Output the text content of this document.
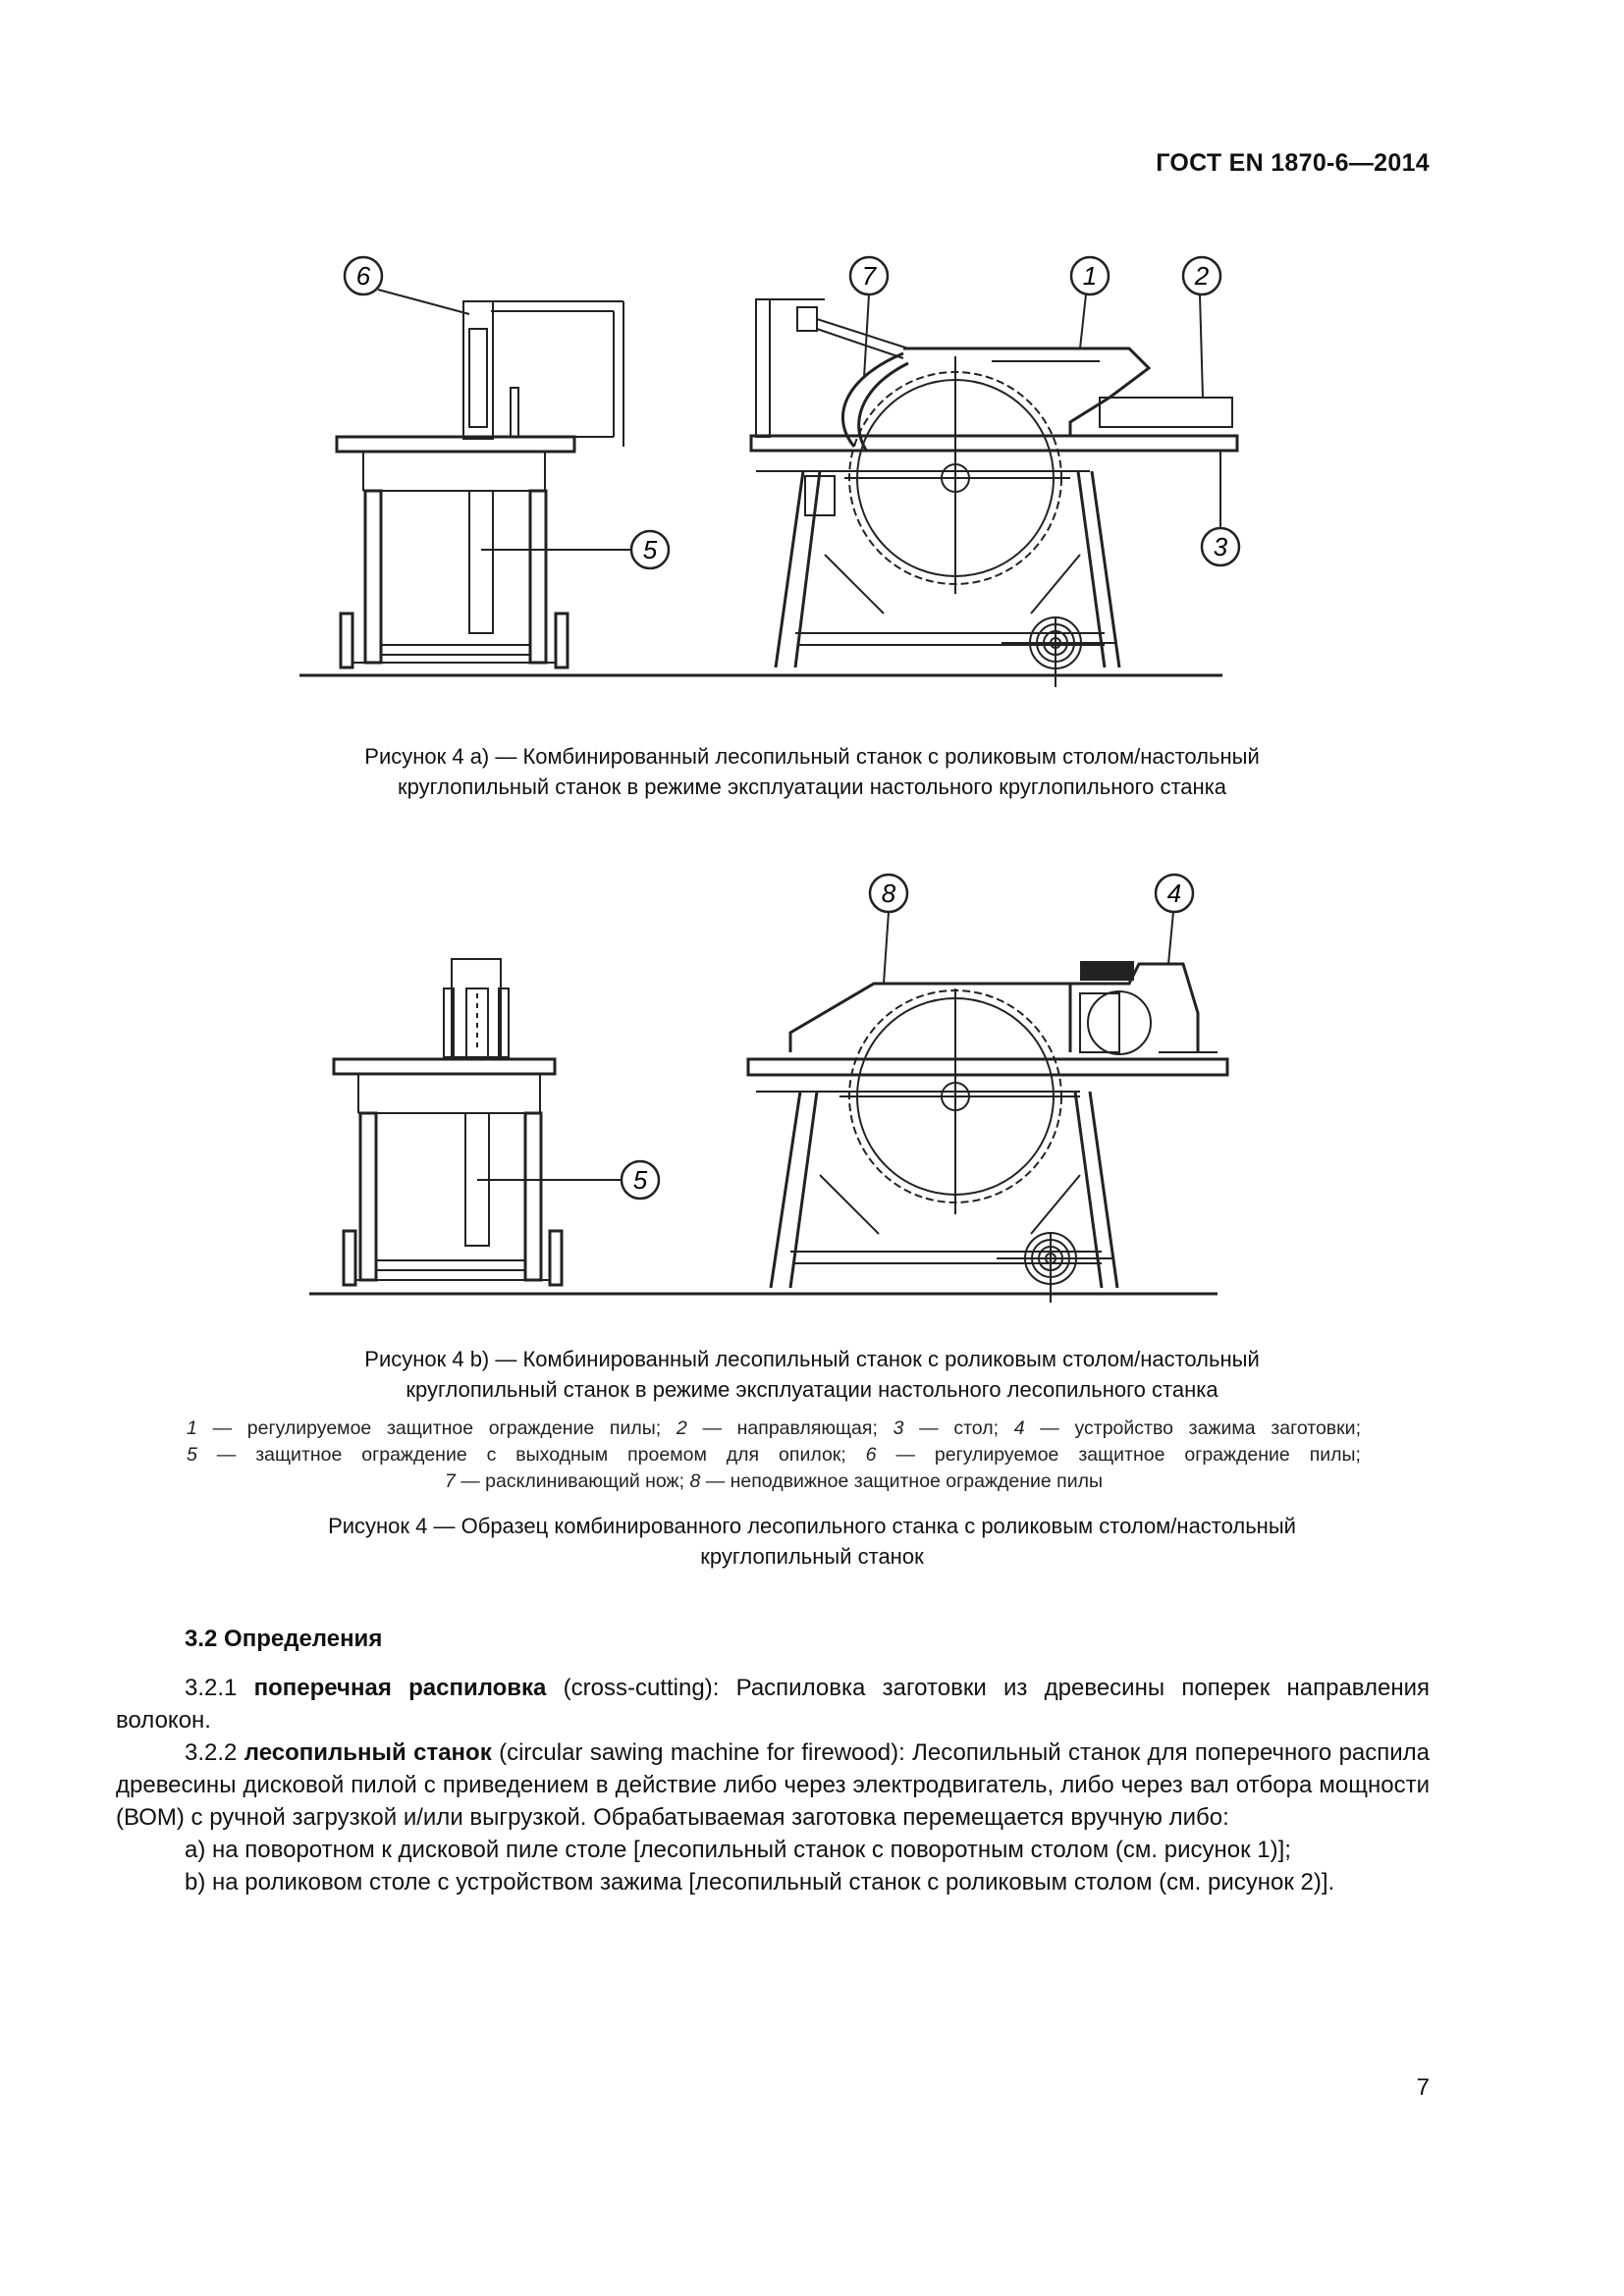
ГОСТ EN 1870-6—2014
6	7	1	2
5	3
Рисунок 4 а) — Комбинированный лесопильный станок с роликовым столом/настольный
круглопильный станок в режиме эксплуатации настольного круглопильного станка
8	4
5
Рисунок 4 b) — Комбинированный лесопильный станок с роликовым столом/настольный
круглопильный станок в режиме эксплуатации настольного лесопильного станка
1 — регулируемое защитное ограждение пилы; 2 — направляющая; 3 — стол; 4 — устройство зажима заготовки;
5 — защитное ограждение с выходным проемом для опилок; 6 — регулируемое защитное ограждение пилы;
7 — расклинивающий нож; 8 — неподвижное защитное ограждение пилы
Рисунок 4 — Образец комбинированного лесопильного станка с роликовым столом/настольный
круглопильный станок
3.2 Определения
3.2.1 поперечная распиловка (cross-cutting): Распиловка заготовки из древесины поперек направления волокон.
3.2.2 лесопильный станок (circular sawing machine for firewood): Лесопильный станок для поперечного распила древесины дисковой пилой с приведением в действие либо через электродвигатель, либо через вал отбора мощности (ВОМ) с ручной загрузкой и/или выгрузкой. Обрабатываемая заготовка перемещается вручную либо:
a) на поворотном к дисковой пиле столе [лесопильный станок с поворотным столом (см. рисунок 1)];
b) на роликовом столе с устройством зажима [лесопильный станок с роликовым столом (см. рисунок 2)].
7
